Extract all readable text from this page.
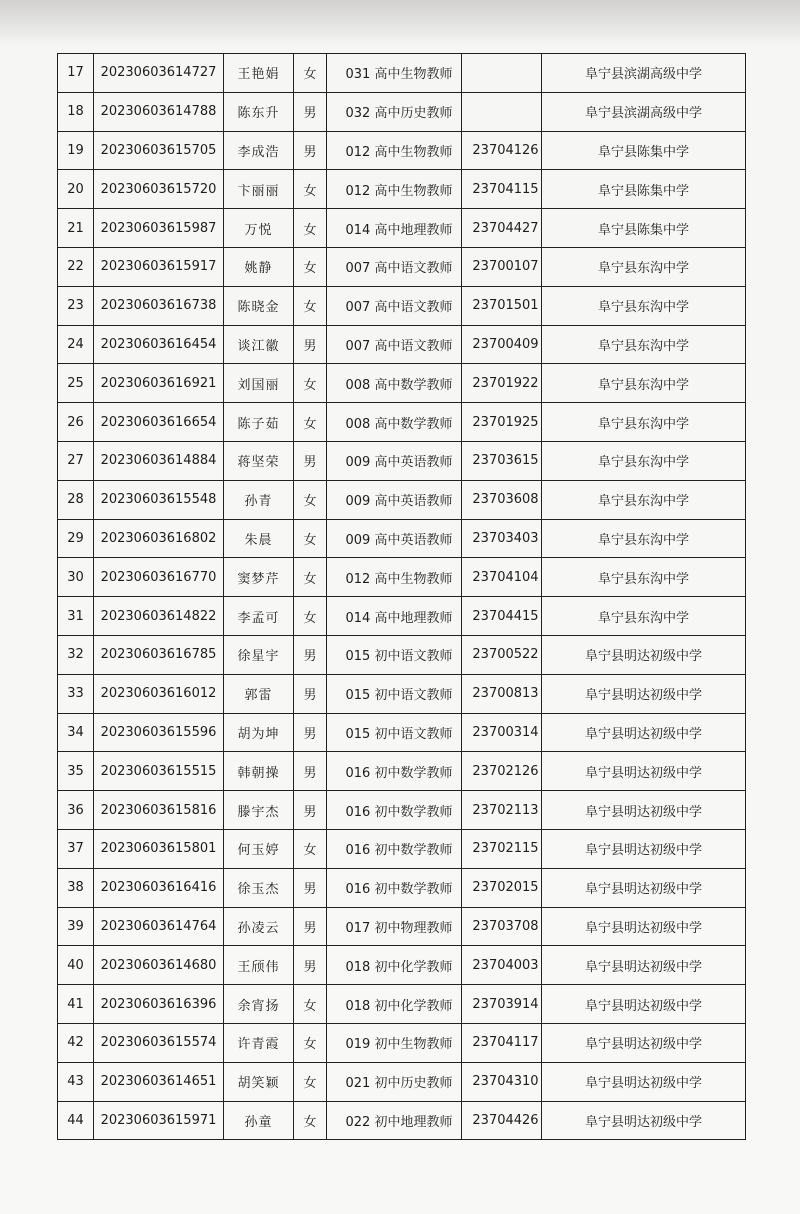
17	20230603614727	王艳娟	女	031 高中生物教师		阜宁县滨湖高级中学
18	20230603614788	陈东升	男	032 高中历史教师		阜宁县滨湖高级中学
19	20230603615705	李成浩	男	012 高中生物教师	23704126	阜宁县陈集中学
20	20230603615720	卞丽丽	女	012 高中生物教师	23704115	阜宁县陈集中学
21	20230603615987	万悦	女	014 高中地理教师	23704427	阜宁县陈集中学
22	20230603615917	姚静	女	007 高中语文教师	23700107	阜宁县东沟中学
23	20230603616738	陈晓金	女	007 高中语文教师	23701501	阜宁县东沟中学
24	20230603616454	谈江徽	男	007 高中语文教师	23700409	阜宁县东沟中学
25	20230603616921	刘国丽	女	008 高中数学教师	23701922	阜宁县东沟中学
26	20230603616654	陈子茹	女	008 高中数学教师	23701925	阜宁县东沟中学
27	20230603614884	蒋坚荣	男	009 高中英语教师	23703615	阜宁县东沟中学
28	20230603615548	孙青	女	009 高中英语教师	23703608	阜宁县东沟中学
29	20230603616802	朱晨	女	009 高中英语教师	23703403	阜宁县东沟中学
30	20230603616770	窦梦芹	女	012 高中生物教师	23704104	阜宁县东沟中学
31	20230603614822	李孟可	女	014 高中地理教师	23704415	阜宁县东沟中学
32	20230603616785	徐星宇	男	015 初中语文教师	23700522	阜宁县明达初级中学
33	20230603616012	郭雷	男	015 初中语文教师	23700813	阜宁县明达初级中学
34	20230603615596	胡为坤	男	015 初中语文教师	23700314	阜宁县明达初级中学
35	20230603615515	韩朝操	男	016 初中数学教师	23702126	阜宁县明达初级中学
36	20230603615816	滕宇杰	男	016 初中数学教师	23702113	阜宁县明达初级中学
37	20230603615801	何玉婷	女	016 初中数学教师	23702115	阜宁县明达初级中学
38	20230603616416	徐玉杰	男	016 初中数学教师	23702015	阜宁县明达初级中学
39	20230603614764	孙凌云	男	017 初中物理教师	23703708	阜宁县明达初级中学
40	20230603614680	王颀伟	男	018 初中化学教师	23704003	阜宁县明达初级中学
41	20230603616396	余宵扬	女	018 初中化学教师	23703914	阜宁县明达初级中学
42	20230603615574	许青霞	女	019 初中生物教师	23704117	阜宁县明达初级中学
43	20230603614651	胡笑颖	女	021 初中历史教师	23704310	阜宁县明达初级中学
44	20230603615971	孙童	女	022 初中地理教师	23704426	阜宁县明达初级中学
